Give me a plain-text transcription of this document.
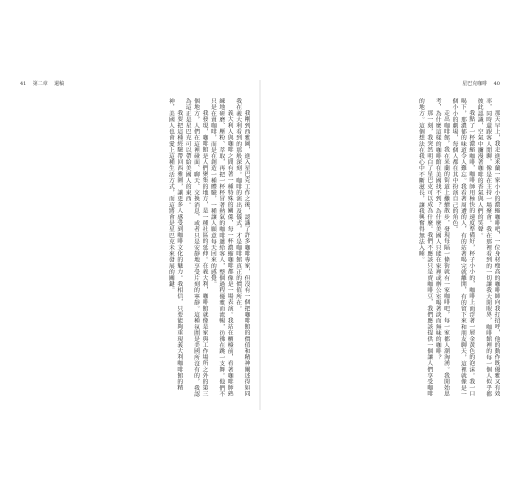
41 第二章 還稿

我剛到西雅圖，進入星巴克工作之後，認識了許多咖啡專家，但沒有一個把咖啡館的價值和精神闡述得如同我在義大利看到的那般深刻。咖啡的演出及儀式，才是咖啡館真正的價值所在。

義大利人與咖啡之間有著一種特殊的關係，每一杯濃縮咖啡都像是一場表演。我站在櫃檯前，看著咖啡師熟練地研磨、壓粉、萃取，再把一杯杯冒著熱氣的咖啡遞給客人，整個過程優雅而流暢，彷彿在跳一支舞。他們不只是在賣咖啡，而是在創造一種體驗，一種讓人願意每天回來的感覺。

我發現，咖啡館是人們聚集的地方，是一種社區的延伸。在義大利，咖啡館就像是家與工作場所之外的第三個地方，人們在這裡碰面、聊天、交換消息，或者只是安靜地享受片刻的寧靜。這種氛圍是美國所沒有的，我認為這正是星巴克可以帶給美國人的東西。

我要把這種經驗帶回西雅圖，讓更多人感受到咖啡文化的魅力。我相信，只要能夠重現義大利咖啡館的精神，美國人也會愛上這種生活方式，而這將會是星巴克未來發展的關鍵。

星巴克咖啡 40

那天早上，我走進米蘭一家小小的濃縮咖啡吧，一位身材瘦高的咖啡師向我打招呼，他的動作既優雅又有效率，同時還跟客人閒聊，像是在主持一場聚會。我在那裡看到的一切讓我大開眼界，咖啡館裡的每一個人似乎都彼此認識，空氣中瀰漫著咖啡的香氣與人們的笑聲。

我點了一杯濃縮咖啡，咖啡師用極快的速度準備好，杯子小小的，咖啡上面浮著一層金黃色的泡沫。我一口喝下，那濃郁的味道令人難忘。我看著周遭的人，有的站著喝完就離開，有的留下來和朋友聊天，這裡就像是一個小小的劇場，每個人都在其中扮演自己的角色。

走出咖啡館，我在米蘭的街道上繼續散步，發現每隔一條街就有一家咖啡吧，每一家都人潮洶湧。我開始思考，為什麼這樣的咖啡館在美國找不到？為什麼美國人只能在家裡或辦公室喝著淡而無味的咖啡？

那一刻，我突然明白了星巴克可以成為什麼。我們不應該只是賣咖啡豆，我們應該提供一個讓人們享受咖啡的地方。這個想法在我心中不斷滋長，讓我興奮得無法入睡。
